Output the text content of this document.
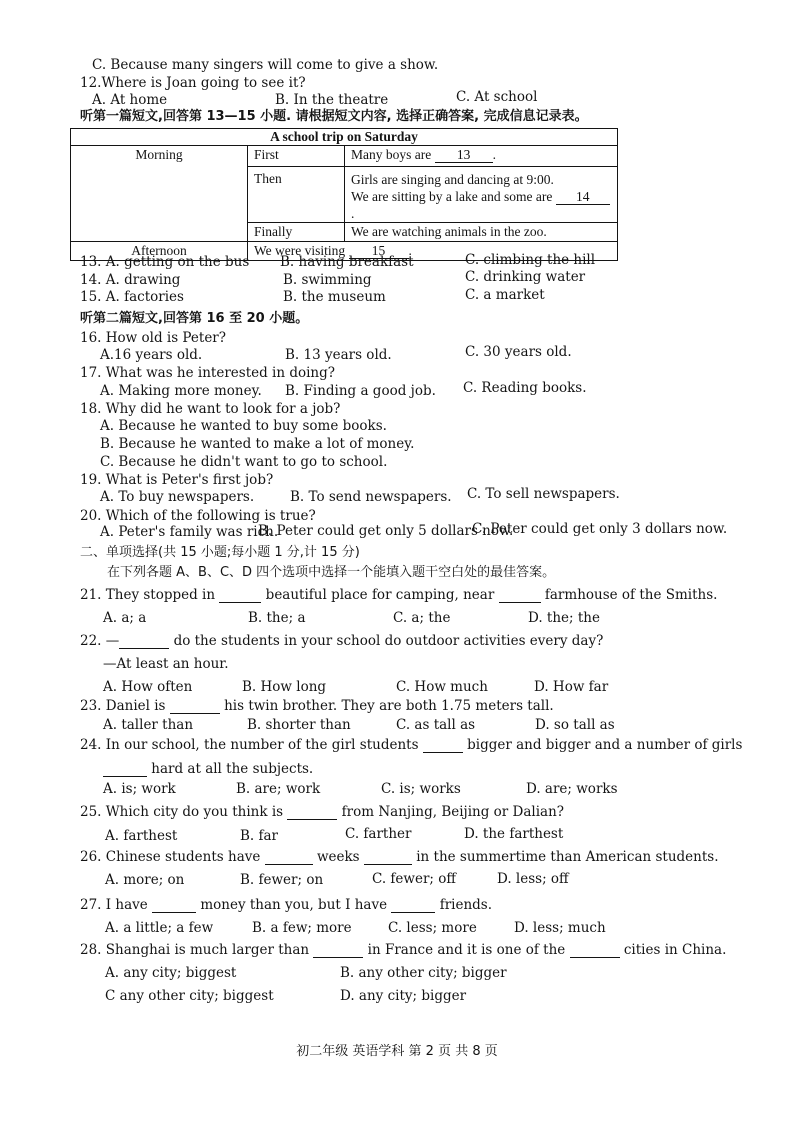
C. Because many singers will come to give a show.
12.Where is Joan going to see it?
A. At home	B. In the theatre	C. At school
听第一篇短文,回答第 13—15 小题. 请根据短文内容, 选择正确答案, 完成信息记录表。
A school trip on Saturday		
Morning	First	Many boys are 13 .
	Then	Girls are singing and dancing at 9:00.
We are sitting by a lake and some are 14.

	Finally	We are watching animals in the zoo.
Afternoon	We were visiting 15 .	
13. A. getting on the bus B. having breakfast	C. climbing the hill
14. A. drawing	B. swimming	C. drinking water
15. A. factories	B. the museum	C. a market
听第二篇短文,回答第 16 至 20 小题。
16. How old is Peter?
A.16 years old.	B. 13 years old.	C. 30 years old.
17. What was he interested in doing?
A. Making more money. B. Finding a good job. C. Reading books.
18. Why did he want to look for a job?
A. Because he wanted to buy some books.
B. Because he wanted to make a lot of money.
C. Because he didn't want to go to school.
19. What is Peter's first job?
A. To buy newspapers.	B. To send newspapers. C. To sell newspapers.
20. Which of the following is true?
A. Peter's family was rich.
B. Peter could get only 5 dollars now.
C. Peter could get only 3 dollars now.
二、单项选择(共 15 小题;每小题 1 分,计 15 分)
在下列各题 A、B、C、D 四个选项中选择一个能填入题干空白处的最佳答案。
21. They stopped in	beautiful place for camping, near	farmhouse of the Smiths.
A. a; a	B. the; a	C. a; the	D. the; the
22. —	do the students in your school do outdoor activities every day?
—At least an hour.
A. How often	B. How long	C. How much	D. How far
23. Daniel is	his twin brother. They are both 1.75 meters tall.
A. taller than	B. shorter than	C. as tall as	D. so tall as
24. In our school, the number of the girl students	bigger and bigger and a number of girls
hard at all the subjects.
A. is; work	B. are; work	C. is; works	D. are; works
25. Which city do you think is	from Nanjing, Beijing or Dalian?
A. farthest	B. far	C. farther	D. the farthest
26. Chinese students have	weeks	in the summertime than American students.
A. more; on	B. fewer; on	C. fewer; off	D. less; off
27. I have	money than you, but I have	friends.
A. a little; a few	B. a few; more	C. less; more	D. less; much
28. Shanghai is much larger than	in France and it is one of the	cities in China.
A. any city; biggest	B. any other city; bigger
C any other city; biggest	D. any city; bigger
初二年级 英语学科 第 2 页 共 8 页
